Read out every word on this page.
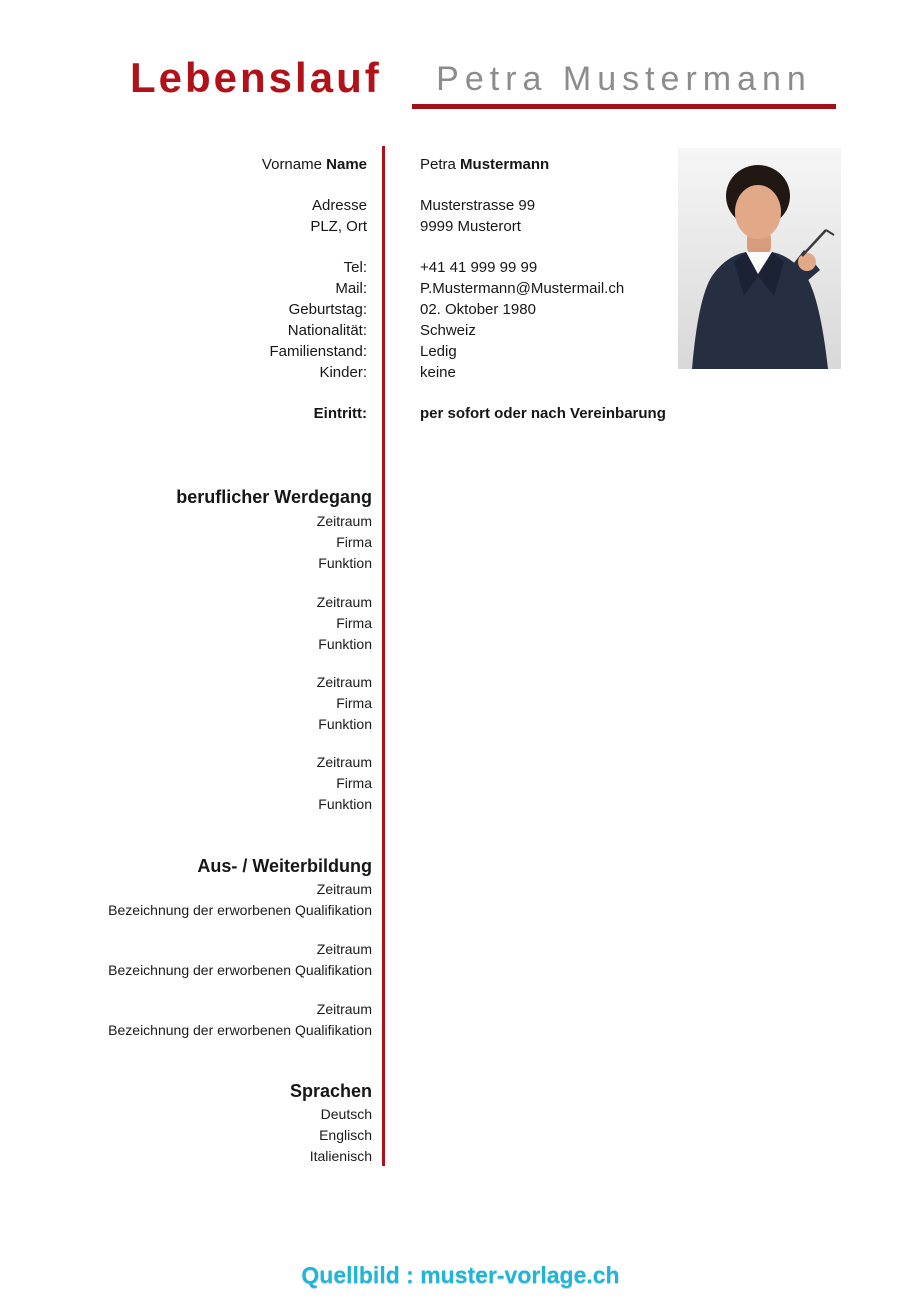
Lebenslauf	Petra Mustermann
Vorname Name	Petra Mustermann
Adresse	Musterstrasse 99
PLZ, Ort	9999 Musterort
Tel:	+41 41 999 99 99
Mail:	P.Mustermann@Mustermail.ch
Geburtstag:	02. Oktober 1980
Nationalität:	Schweiz
Familienstand:	Ledig
Kinder:	keine
Eintritt:	per sofort oder nach Vereinbarung
beruflicher Werdegang
Zeitraum
Firma
Funktion
Zeitraum
Firma
Funktion
Zeitraum
Firma
Funktion
Zeitraum
Firma
Funktion
Aus- / Weiterbildung
Zeitraum
Bezeichnung der erworbenen Qualifikation
Zeitraum
Bezeichnung der erworbenen Qualifikation
Zeitraum
Bezeichnung der erworbenen Qualifikation
Sprachen
Deutsch
Englisch
Italienisch
Quellbild : muster-vorlage.ch
